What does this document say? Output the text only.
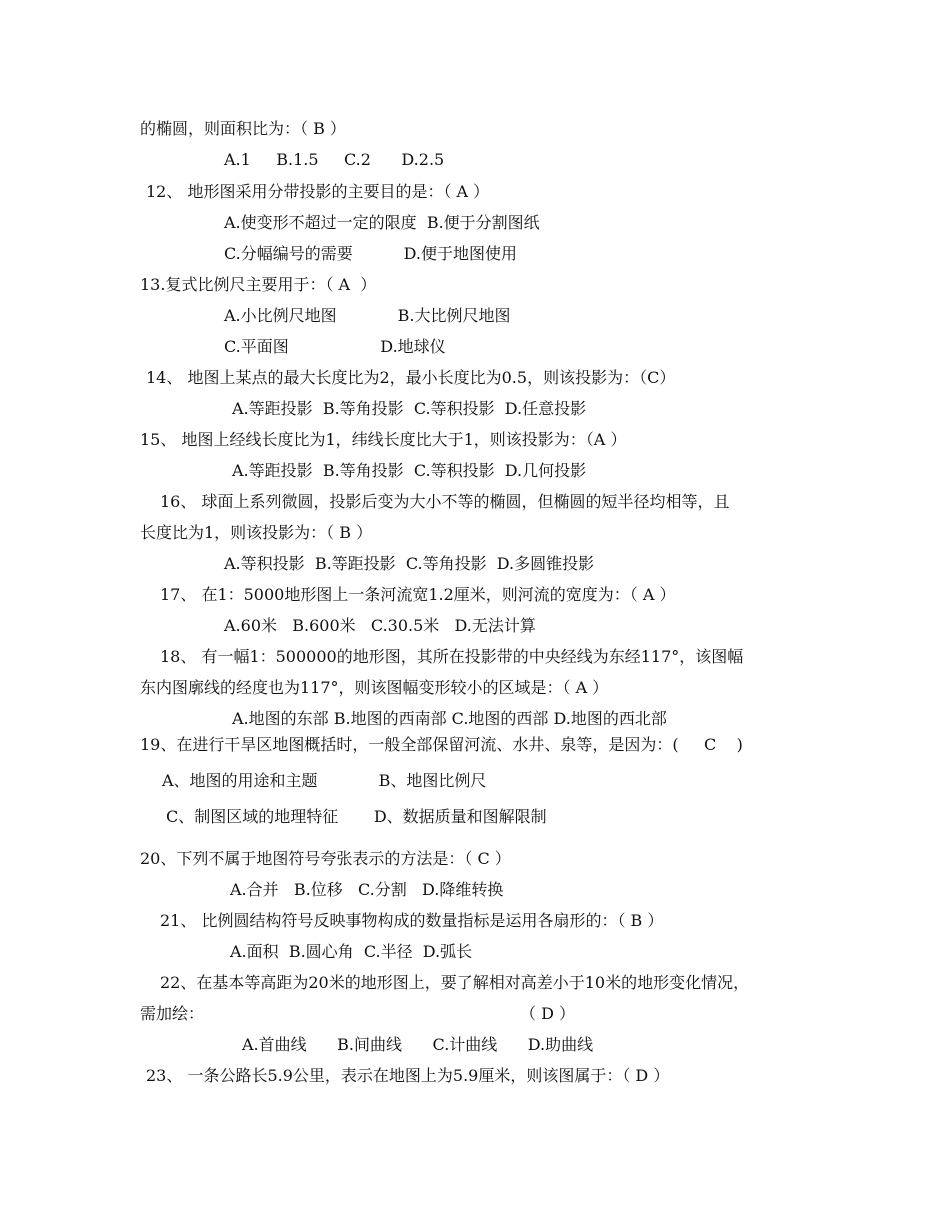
的椭圆，则面积比为：（ B ）
A.1     B.1.5     C.2      D.2.5
12、 地形图采用分带投影的主要目的是：（ A ）
A.使变形不超过一定的限度  B.便于分割图纸
C.分幅编号的需要          D.便于地图使用
13.复式比例尺主要用于：（ A  ）
A.小比例尺地图            B.大比例尺地图
C.平面图                  D.地球仪
14、 地图上某点的最大长度比为2，最小长度比为0.5，则该投影为：（C）
A.等距投影  B.等角投影  C.等积投影  D.任意投影
15、 地图上经线长度比为1，纬线长度比大于1，则该投影为：（A ）
A.等距投影  B.等角投影  C.等积投影  D.几何投影
16、 球面上系列微圆，投影后变为大小不等的椭圆，但椭圆的短半径均相等，且
长度比为1，则该投影为：（ B ）
A.等积投影  B.等距投影  C.等角投影  D.多圆锥投影
17、 在1：5000地形图上一条河流宽1.2厘米，则河流的宽度为：（ A ）
A.60米   B.600米   C.30.5米   D.无法计算
18、 有一幅1：500000的地形图，其所在投影带的中央经线为东经117°，该图幅
东内图廓线的经度也为117°，则该图幅变形较小的区域是：（ A ）
A.地图的东部 B.地图的西南部 C.地图的西部 D.地图的西北部
19、在进行干旱区地图概括时，一般全部保留河流、水井、泉等，是因为：(     C    )
A、地图的用途和主题            B、地图比例尺
C、制图区域的地理特征       D、数据质量和图解限制
20、下列不属于地图符号夸张表示的方法是：（ C ）
A.合并   B.位移   C.分割   D.降维转换
21、 比例圆结构符号反映事物构成的数量指标是运用各扇形的：（ B ）
A.面积  B.圆心角  C.半径  D.弧长
22、在基本等高距为20米的地形图上，要了解相对高差小于10米的地形变化情况，
需加绘：	（ D ）
A.首曲线      B.间曲线      C.计曲线      D.助曲线
23、 一条公路长5.9公里，表示在地图上为5.9厘米，则该图属于：（ D ）
